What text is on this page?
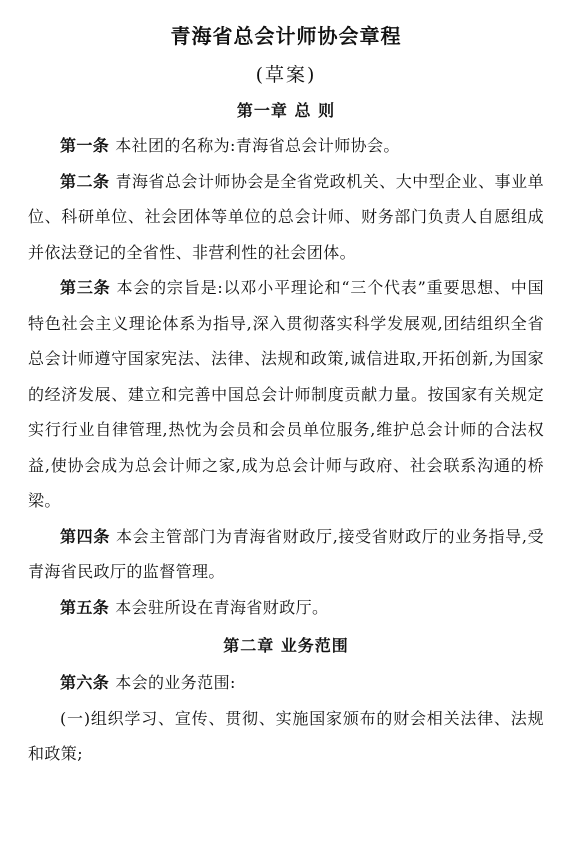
青海省总会计师协会章程
(草案)
第一章 总 则

第一条 本社团的名称为:青海省总会计师协会。

第二条 青海省总会计师协会是全省党政机关、大中型企业、事业单位、科研单位、社会团体等单位的总会计师、财务部门负责人自愿组成并依法登记的全省性、非营利性的社会团体。

第三条 本会的宗旨是:以邓小平理论和“三个代表”重要思想、中国特色社会主义理论体系为指导,深入贯彻落实科学发展观,团结组织全省总会计师遵守国家宪法、法律、法规和政策,诚信进取,开拓创新,为国家的经济发展、建立和完善中国总会计师制度贡献力量。按国家有关规定实行行业自律管理,热忱为会员和会员单位服务,维护总会计师的合法权益,使协会成为总会计师之家,成为总会计师与政府、社会联系沟通的桥梁。

第四条 本会主管部门为青海省财政厅,接受省财政厅的业务指导,受青海省民政厅的监督管理。

第五条 本会驻所设在青海省财政厅。

第二章 业务范围

第六条 本会的业务范围:

(一)组织学习、宣传、贯彻、实施国家颁布的财会相关法律、法规和政策;
